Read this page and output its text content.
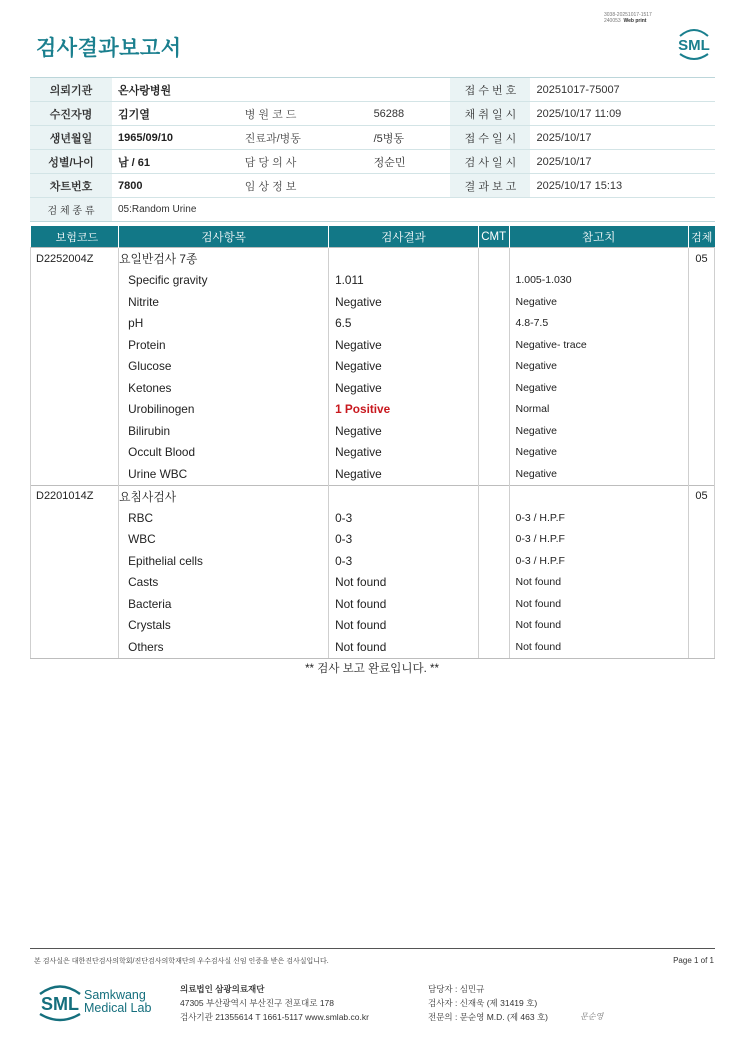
3038-20251017-1517
240053 Web print
검사결과보고서	SML
의뢰기관	온사랑병원			접 수 번 호	20251017-75007
수진자명	김기열	병 원 코 드	56288	채 취 일 시	2025/10/17 11:09
생년월일	1965/09/10	진료과/병동	/5병동	접 수 일 시	2025/10/17
성별/나이	남 / 61	담 당 의 사	정순민	검 사 일 시	2025/10/17
차트번호	7800	임 상 정 보		결 과 보 고	2025/10/17 15:13
검 체 종 류	05:Random Urine				
보험코드	검사항목	검사결과	CMT	참고치	검체
D2252004Z	요일반검사 7종				05
	Specific gravity	1.011		1.005-1.030	
	Nitrite	Negative		Negative	
	pH	6.5		4.8-7.5	
	Protein	Negative		Negative- trace	
	Glucose	Negative		Negative	
	Ketones	Negative		Negative	
	Urobilinogen	1 Positive		Normal	
	Bilirubin	Negative		Negative	
	Occult Blood	Negative		Negative	
	Urine WBC	Negative		Negative	
D2201014Z	요침사검사				05
	RBC	0-3		0-3 / H.P.F	
	WBC	0-3		0-3 / H.P.F	
	Epithelial cells	0-3		0-3 / H.P.F	
	Casts	Not found		Not found	
	Bacteria	Not found		Not found	
	Crystals	Not found		Not found	
	Others	Not found		Not found	
** 검사 보고 완료입니다. **
본 검사실은 대한진단검사의학회/진단검사의학재단의 우수검사실 신임 인증을 받은 검사실입니다.	Page 1 of 1
SML Samkwang
Medical Lab
의료법인 삼광의료재단
47305 부산광역시 부산진구 전포대로 178
검사기관 21355614 T 1661-5117 www.smlab.co.kr
담당자 : 심민규
검사자 : 신재욱 (제 31419 호)
전문의 : 문순영 M.D. (제 463 호)	문순영
